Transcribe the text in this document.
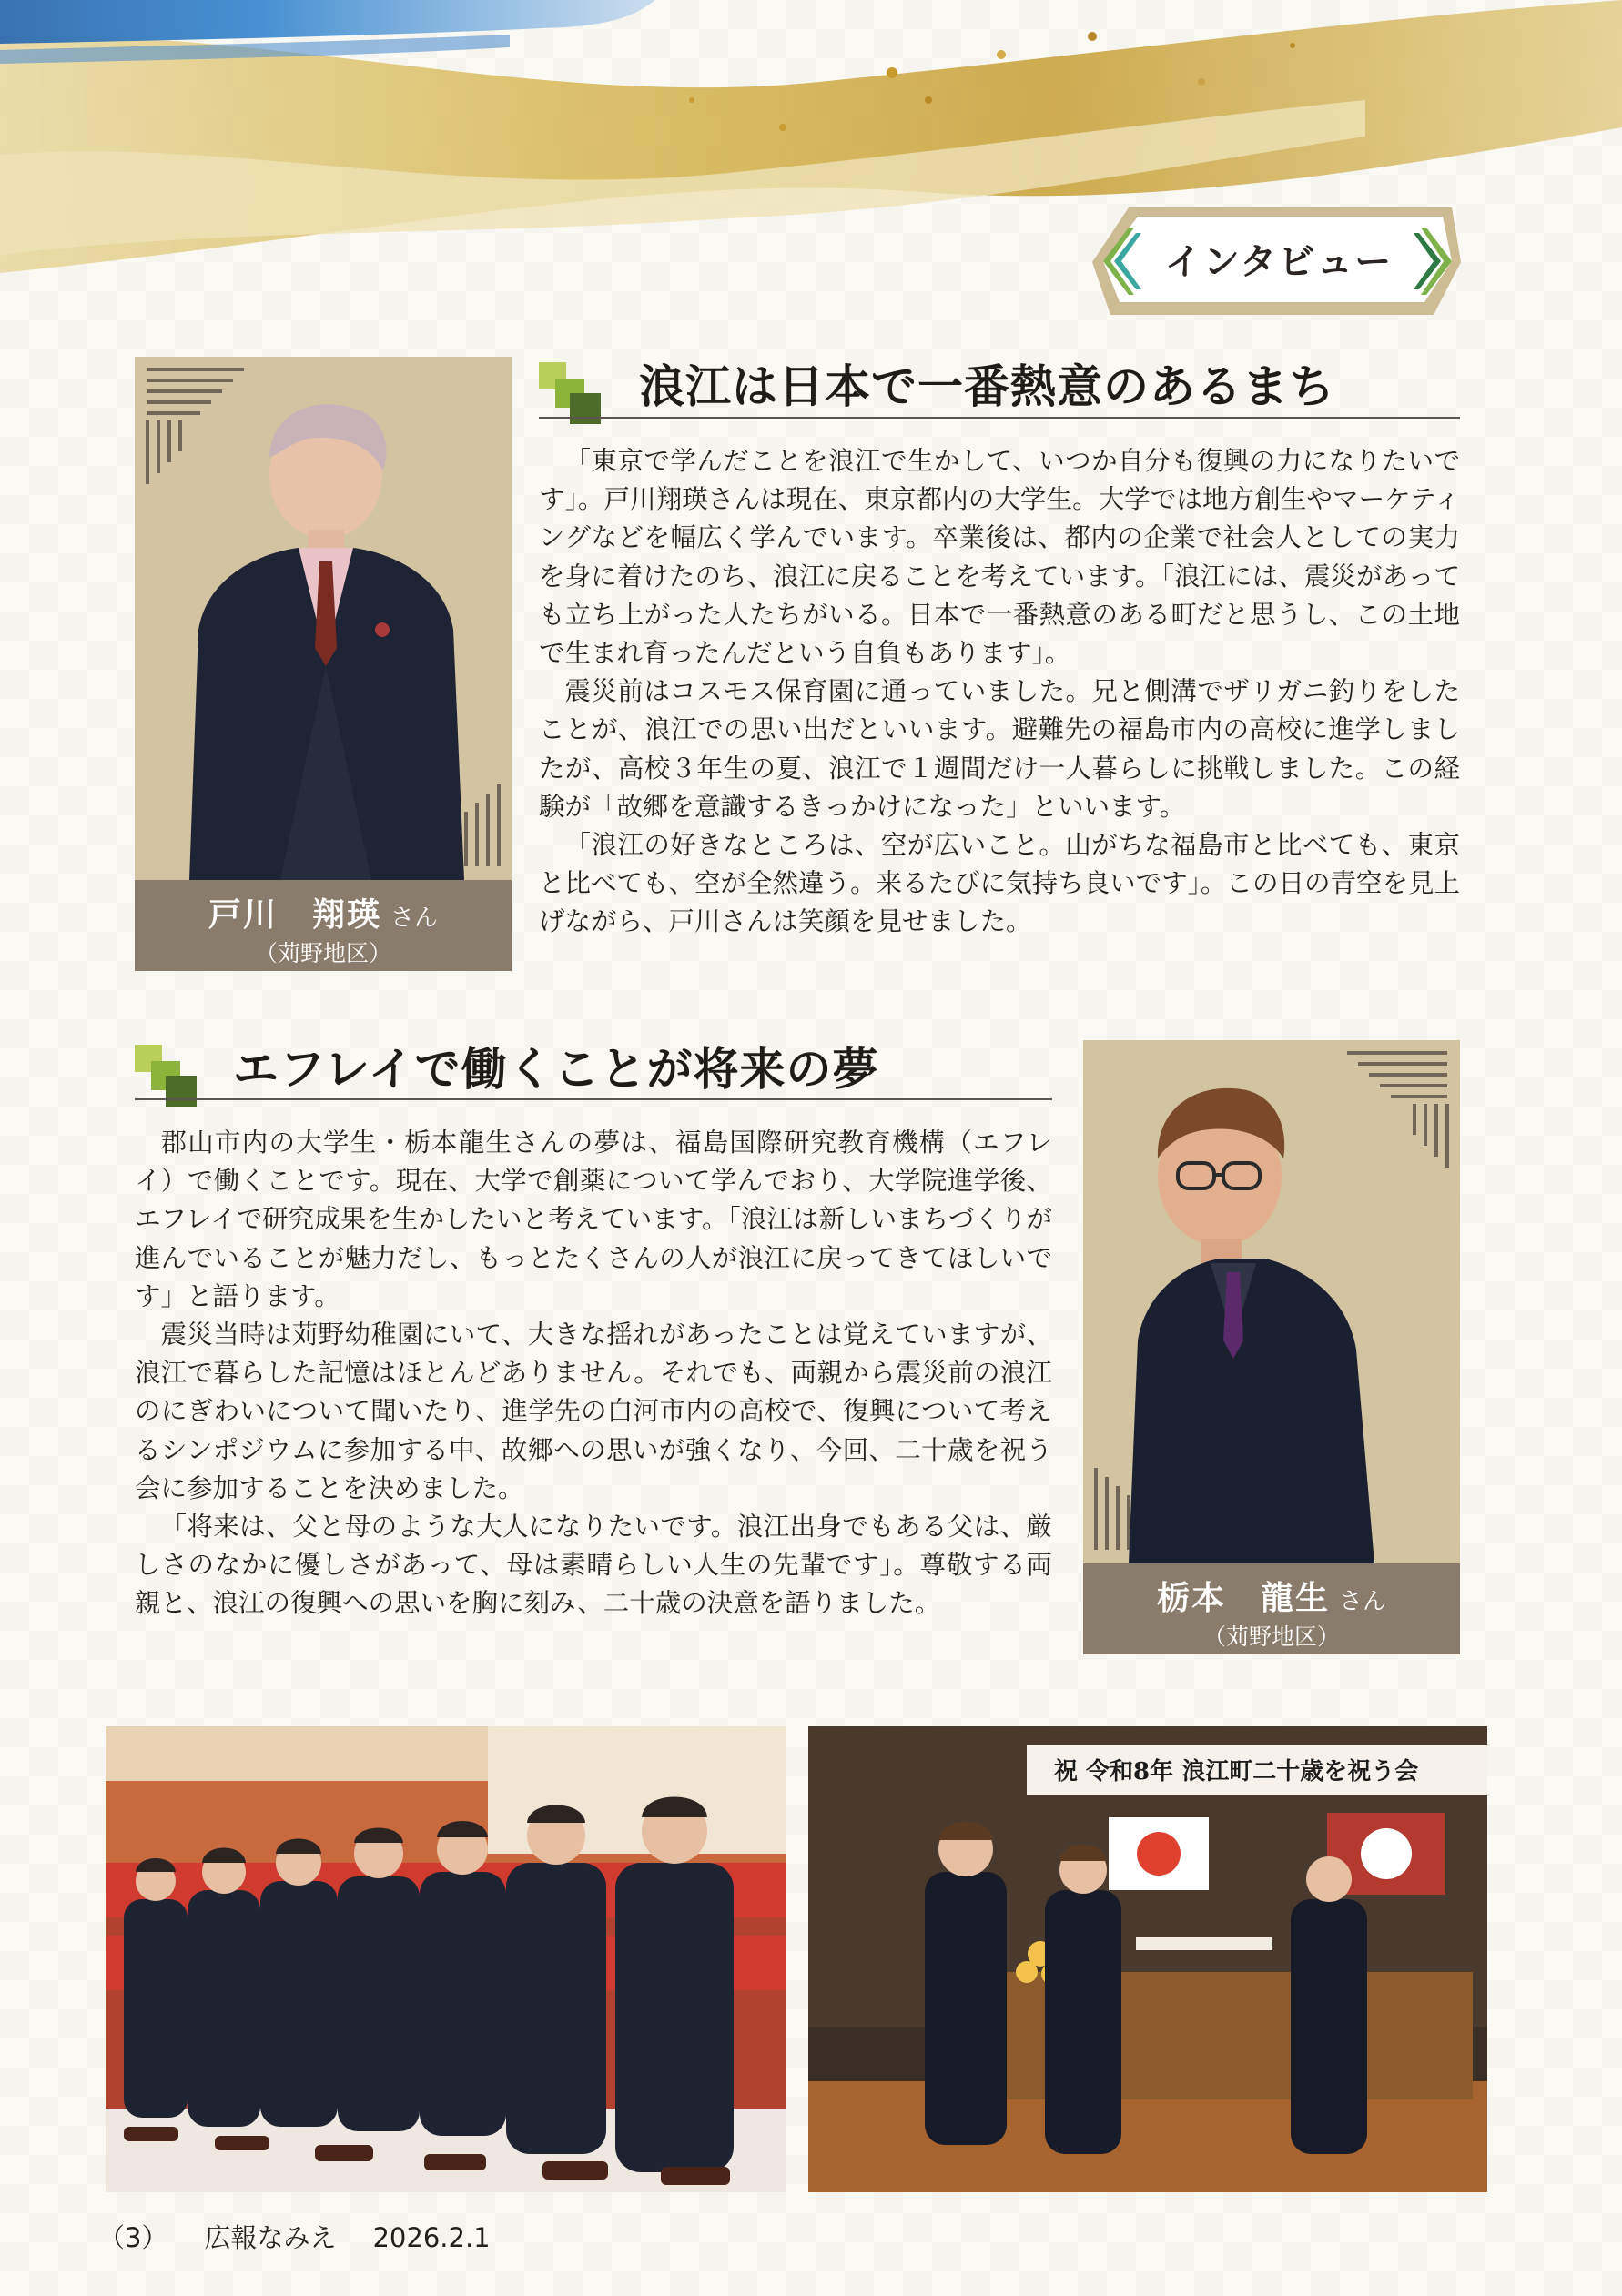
インタビュー
戸川　翔瑛 さん
（苅野地区）
浪江は日本で一番熱意のあるまち

「東京で学んだことを浪江で生かして、いつか自分も復興の力になりたいです」。戸川翔瑛さんは現在、東京都内の大学生。大学では地方創生やマーケティングなどを幅広く学んでいます。卒業後は、都内の企業で社会人としての実力を身に着けたのち、浪江に戻ることを考えています。「浪江には、震災があっても立ち上がった人たちがいる。日本で一番熱意のある町だと思うし、この土地で生まれ育ったんだという自負もあります」。

震災前はコスモス保育園に通っていました。兄と側溝でザリガニ釣りをしたことが、浪江での思い出だといいます。避難先の福島市内の高校に進学しましたが、高校３年生の夏、浪江で１週間だけ一人暮らしに挑戦しました。この経験が「故郷を意識するきっかけになった」といいます。

「浪江の好きなところは、空が広いこと。山がちな福島市と比べても、東京と比べても、空が全然違う。来るたびに気持ち良いです」。この日の青空を見上げながら、戸川さんは笑顔を見せました。

エフレイで働くことが将来の夢

郡山市内の大学生・栃本龍生さんの夢は、福島国際研究教育機構（エフレイ）で働くことです。現在、大学で創薬について学んでおり、大学院進学後、エフレイで研究成果を生かしたいと考えています。「浪江は新しいまちづくりが進んでいることが魅力だし、もっとたくさんの人が浪江に戻ってきてほしいです」と語ります。

震災当時は苅野幼稚園にいて、大きな揺れがあったことは覚えていますが、浪江で暮らした記憶はほとんどありません。それでも、両親から震災前の浪江のにぎわいについて聞いたり、進学先の白河市内の高校で、復興について考えるシンポジウムに参加する中、故郷への思いが強くなり、今回、二十歳を祝う会に参加することを決めました。

「将来は、父と母のような大人になりたいです。浪江出身でもある父は、厳しさのなかに優しさがあって、母は素晴らしい人生の先輩です」。尊敬する両親と、浪江の復興への思いを胸に刻み、二十歳の決意を語りました。	栃本　龍生 さん
（苅野地区）
祝 令和8年 浪江町二十歳を祝う会
（3） 広報なみえ 2026.2.1
